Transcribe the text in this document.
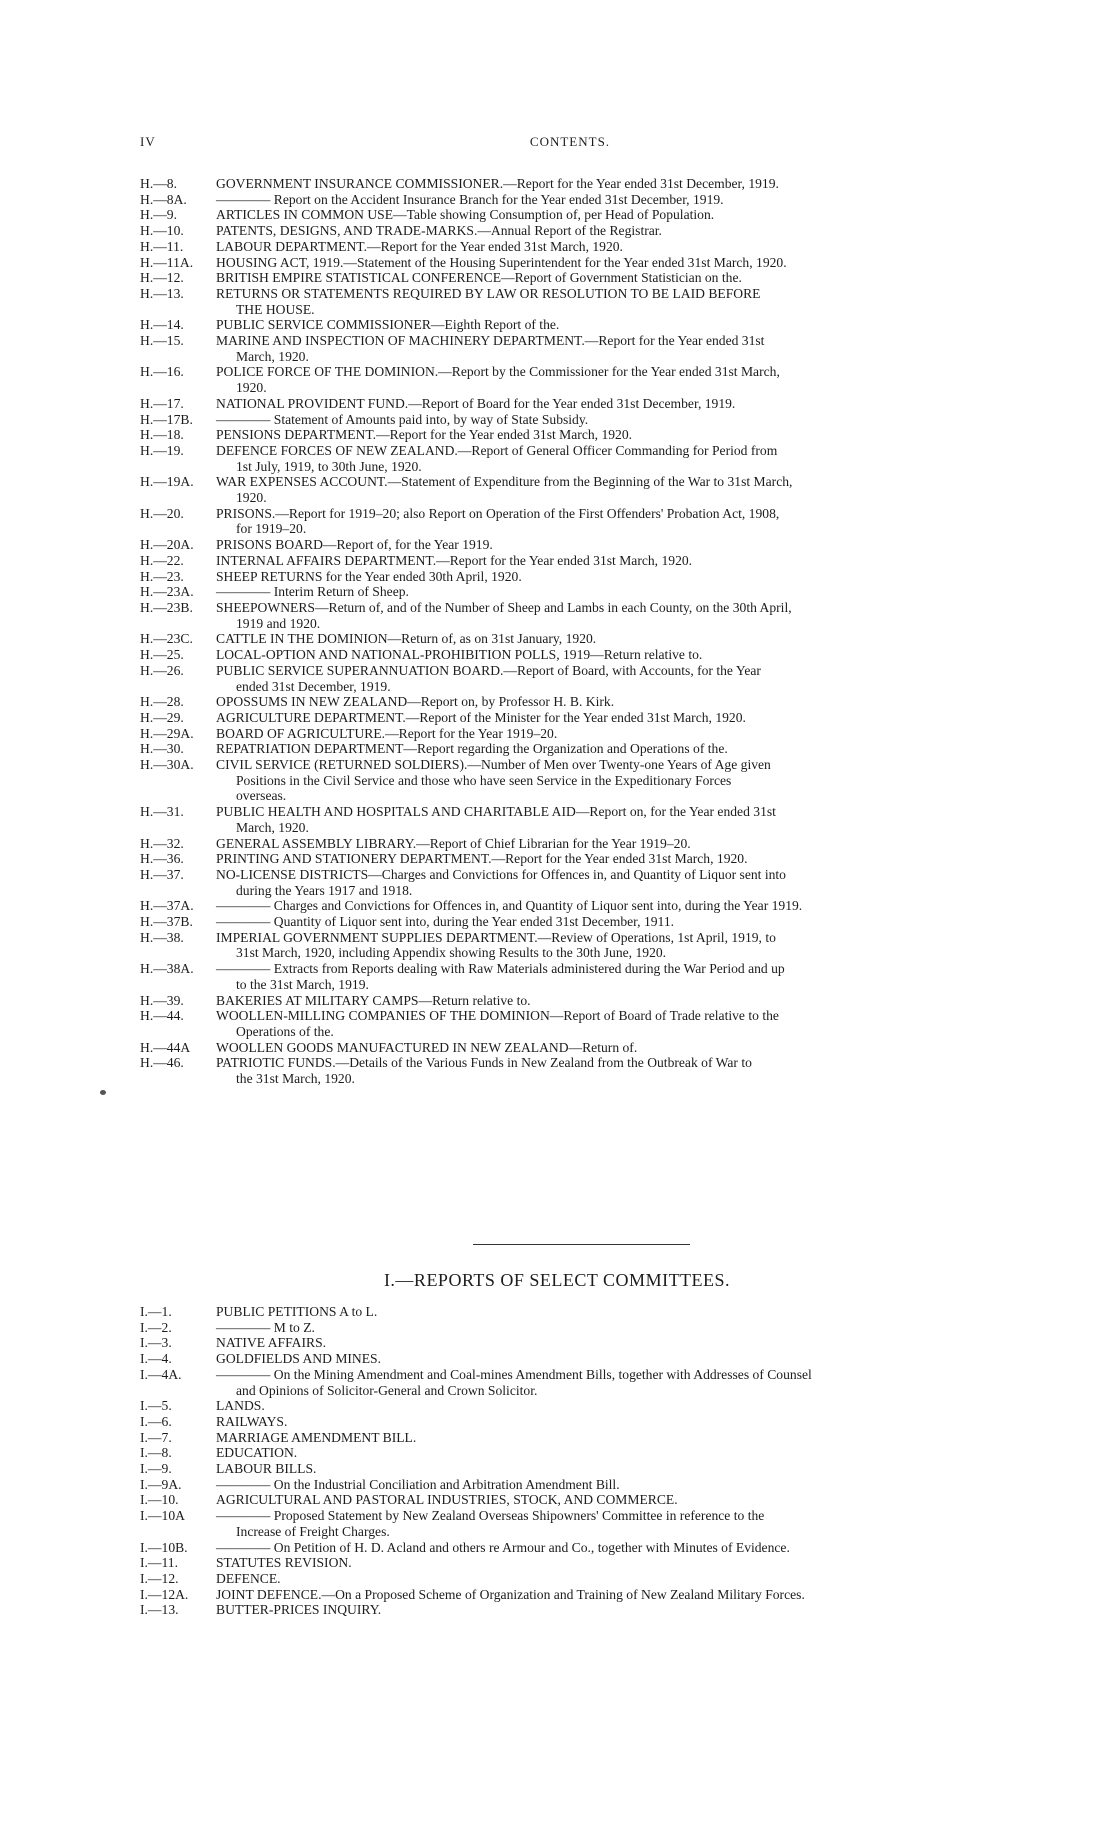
IV	CONTENTS.
H.—8.	GOVERNMENT INSURANCE COMMISSIONER.—Report for the Year ended 31st December, 1919.
H.—8A.	———— Report on the Accident Insurance Branch for the Year ended 31st December, 1919.
H.—9.	ARTICLES IN COMMON USE—Table showing Consumption of, per Head of Population.
H.—10.	PATENTS, DESIGNS, AND TRADE-MARKS.—Annual Report of the Registrar.
H.—11.	LABOUR DEPARTMENT.—Report for the Year ended 31st March, 1920.
H.—11A.	HOUSING ACT, 1919.—Statement of the Housing Superintendent for the Year ended 31st March, 1920.
H.—12.	BRITISH EMPIRE STATISTICAL CONFERENCE—Report of Government Statistician on the.
H.—13.	RETURNS OR STATEMENTS REQUIRED BY LAW OR RESOLUTION TO BE LAID BEFORE
THE HOUSE.
H.—14.	PUBLIC SERVICE COMMISSIONER—Eighth Report of the.
H.—15.	MARINE AND INSPECTION OF MACHINERY DEPARTMENT.—Report for the Year ended 31st
March, 1920.
H.—16.	POLICE FORCE OF THE DOMINION.—Report by the Commissioner for the Year ended 31st March,
1920.
H.—17.	NATIONAL PROVIDENT FUND.—Report of Board for the Year ended 31st December, 1919.
H.—17B.	———— Statement of Amounts paid into, by way of State Subsidy.
H.—18.	PENSIONS DEPARTMENT.—Report for the Year ended 31st March, 1920.
H.—19.	DEFENCE FORCES OF NEW ZEALAND.—Report of General Officer Commanding for Period from
1st July, 1919, to 30th June, 1920.
H.—19A.	WAR EXPENSES ACCOUNT.—Statement of Expenditure from the Beginning of the War to 31st March,
1920.
H.—20.	PRISONS.—Report for 1919–20; also Report on Operation of the First Offenders' Probation Act, 1908,
for 1919–20.
H.—20A.	PRISONS BOARD—Report of, for the Year 1919.
H.—22.	INTERNAL AFFAIRS DEPARTMENT.—Report for the Year ended 31st March, 1920.
H.—23.	SHEEP RETURNS for the Year ended 30th April, 1920.
H.—23A.	———— Interim Return of Sheep.
H.—23B.	SHEEPOWNERS—Return of, and of the Number of Sheep and Lambs in each County, on the 30th April,
1919 and 1920.
H.—23C.	CATTLE IN THE DOMINION—Return of, as on 31st January, 1920.
H.—25.	LOCAL-OPTION AND NATIONAL-PROHIBITION POLLS, 1919—Return relative to.
H.—26.	PUBLIC SERVICE SUPERANNUATION BOARD.—Report of Board, with Accounts, for the Year
ended 31st December, 1919.
H.—28.	OPOSSUMS IN NEW ZEALAND—Report on, by Professor H. B. Kirk.
H.—29.	AGRICULTURE DEPARTMENT.—Report of the Minister for the Year ended 31st March, 1920.
H.—29A.	BOARD OF AGRICULTURE.—Report for the Year 1919–20.
H.—30.	REPATRIATION DEPARTMENT—Report regarding the Organization and Operations of the.
H.—30A.	CIVIL SERVICE (RETURNED SOLDIERS).—Number of Men over Twenty-one Years of Age given
Positions in the Civil Service and those who have seen Service in the Expeditionary Forces
overseas.
H.—31.	PUBLIC HEALTH AND HOSPITALS AND CHARITABLE AID—Report on, for the Year ended 31st
March, 1920.
H.—32.	GENERAL ASSEMBLY LIBRARY.—Report of Chief Librarian for the Year 1919–20.
H.—36.	PRINTING AND STATIONERY DEPARTMENT.—Report for the Year ended 31st March, 1920.
H.—37.	NO-LICENSE DISTRICTS—Charges and Convictions for Offences in, and Quantity of Liquor sent into
during the Years 1917 and 1918.
H.—37A.	———— Charges and Convictions for Offences in, and Quantity of Liquor sent into, during the Year 1919.
H.—37B.	———— Quantity of Liquor sent into, during the Year ended 31st December, 1911.
H.—38.	IMPERIAL GOVERNMENT SUPPLIES DEPARTMENT.—Review of Operations, 1st April, 1919, to
31st March, 1920, including Appendix showing Results to the 30th June, 1920.
H.—38A.	———— Extracts from Reports dealing with Raw Materials administered during the War Period and up
to the 31st March, 1919.
H.—39.	BAKERIES AT MILITARY CAMPS—Return relative to.
H.—44.	WOOLLEN-MILLING COMPANIES OF THE DOMINION—Report of Board of Trade relative to the
Operations of the.
H.—44A	WOOLLEN GOODS MANUFACTURED IN NEW ZEALAND—Return of.
H.—46.	PATRIOTIC FUNDS.—Details of the Various Funds in New Zealand from the Outbreak of War to
the 31st March, 1920.
I.—REPORTS OF SELECT COMMITTEES.
I.—1.	PUBLIC PETITIONS A to L.
I.—2.	———— M to Z.
I.—3.	NATIVE AFFAIRS.
I.—4.	GOLDFIELDS AND MINES.
I.—4A.	———— On the Mining Amendment and Coal-mines Amendment Bills, together with Addresses of Counsel
and Opinions of Solicitor-General and Crown Solicitor.
I.—5.	LANDS.
I.—6.	RAILWAYS.
I.—7.	MARRIAGE AMENDMENT BILL.
I.—8.	EDUCATION.
I.—9.	LABOUR BILLS.
I.—9A.	———— On the Industrial Conciliation and Arbitration Amendment Bill.
I.—10.	AGRICULTURAL AND PASTORAL INDUSTRIES, STOCK, AND COMMERCE.
I.—10A	———— Proposed Statement by New Zealand Overseas Shipowners' Committee in reference to the
Increase of Freight Charges.
I.—10B.	———— On Petition of H. D. Acland and others re Armour and Co., together with Minutes of Evidence.
I.—11.	STATUTES REVISION.
I.—12.	DEFENCE.
I.—12A.	JOINT DEFENCE.—On a Proposed Scheme of Organization and Training of New Zealand Military Forces.
I.—13.	BUTTER-PRICES INQUIRY.
